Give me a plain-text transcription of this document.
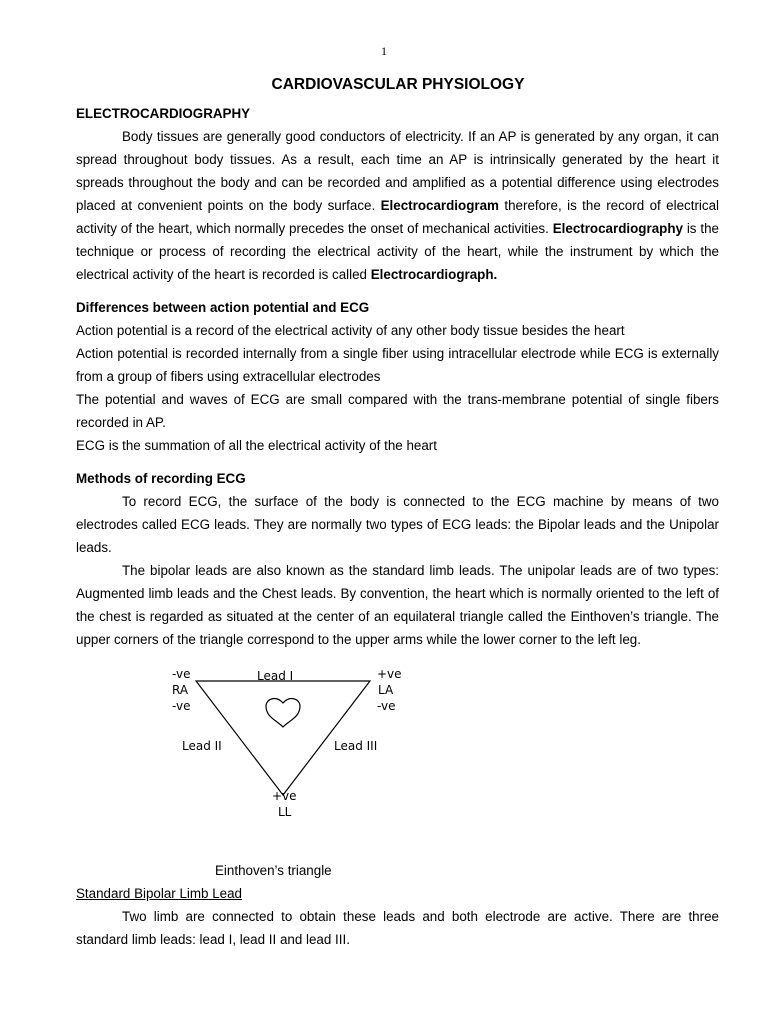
1
CARDIOVASCULAR PHYSIOLOGY

ELECTROCARDIOGRAPHY

Body tissues are generally good conductors of electricity. If an AP is generated by any organ, it can spread throughout body tissues. As a result, each time an AP is intrinsically generated by the heart it spreads throughout the body and can be recorded and amplified as a potential difference using electrodes placed at convenient points on the body surface. Electrocardiogram therefore, is the record of electrical activity of the heart, which normally precedes the onset of mechanical activities. Electrocardiography is the technique or process of recording the electrical activity of the heart, while the instrument by which the electrical activity of the heart is recorded is called Electrocardiograph.

Differences between action potential and ECG

Action potential is a record of the electrical activity of any other body tissue besides the heart

Action potential is recorded internally from a single fiber using intracellular electrode while ECG is externally from a group of fibers using extracellular electrodes

The potential and waves of ECG are small compared with the trans-membrane potential of single fibers recorded in AP.

ECG is the summation of all the electrical activity of the heart

Methods of recording ECG

To record ECG, the surface of the body is connected to the ECG machine by means of two electrodes called ECG leads. They are normally two types of ECG leads: the Bipolar leads and the Unipolar leads.

The bipolar leads are also known as the standard limb leads. The unipolar leads are of two types: Augmented limb leads and the Chest leads. By convention, the heart which is normally oriented to the left of the chest is regarded as situated at the center of an equilateral triangle called the Einthoven’s triangle. The upper corners of the triangle correspond to the upper arms while the lower corner to the left leg.

-ve
RA
-ve
Lead I	+ve
LA
-ve
Lead II	Lead III
+ve
LL

Einthoven’s triangle

Standard Bipolar Limb Lead

Two limb are connected to obtain these leads and both electrode are active. There are three standard limb leads: lead I, lead II and lead III.
